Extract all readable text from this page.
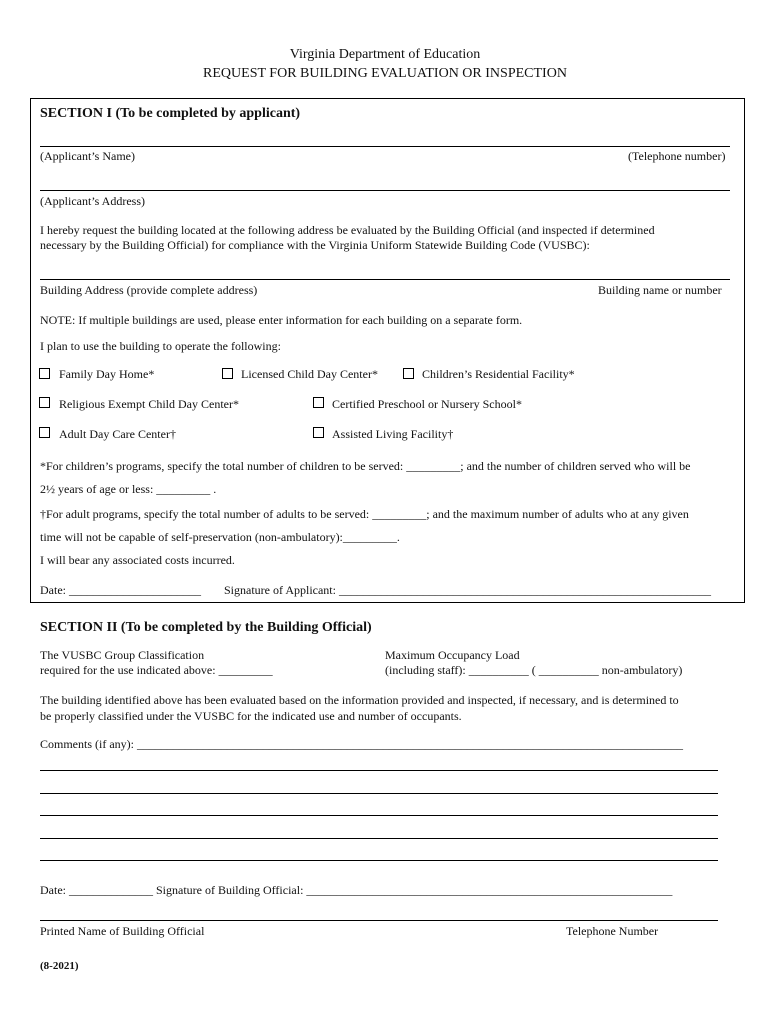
Virginia Department of Education
REQUEST FOR BUILDING EVALUATION OR INSPECTION
SECTION I (To be completed by applicant)
(Applicant’s Name)	(Telephone number)
(Applicant’s Address)
I hereby request the building located at the following address be evaluated by the Building Official (and inspected if determined
necessary by the Building Official) for compliance with the Virginia Uniform Statewide Building Code (VUSBC):
Building Address (provide complete address)	Building name or number
NOTE: If multiple buildings are used, please enter information for each building on a separate form.
I plan to use the building to operate the following:
Family Day Home*	Licensed Child Day Center*	Children’s Residential Facility*
Religious Exempt Child Day Center*	Certified Preschool or Nursery School*
Adult Day Care Center†	Assisted Living Facility†
*For children’s programs, specify the total number of children to be served: _________; and the number of children served who will be
2½ years of age or less: _________ .
†For adult programs, specify the total number of adults to be served: _________; and the maximum number of adults who at any given
time will not be capable of self-preservation (non-ambulatory):_________.
I will bear any associated costs incurred.
Date: ______________________ Signature of Applicant: ______________________________________________________________
SECTION II (To be completed by the Building Official)
The VUSBC Group Classification
required for the use indicated above: _________
Maximum Occupancy Load
(including staff): __________ ( __________ non-ambulatory)
The building identified above has been evaluated based on the information provided and inspected, if necessary, and is determined to
be properly classified under the VUSBC for the indicated use and number of occupants.
Comments (if any): ___________________________________________________________________________________________
Date: ______________ Signature of Building Official: _____________________________________________________________
Printed Name of Building Official	Telephone Number
(8-2021)
